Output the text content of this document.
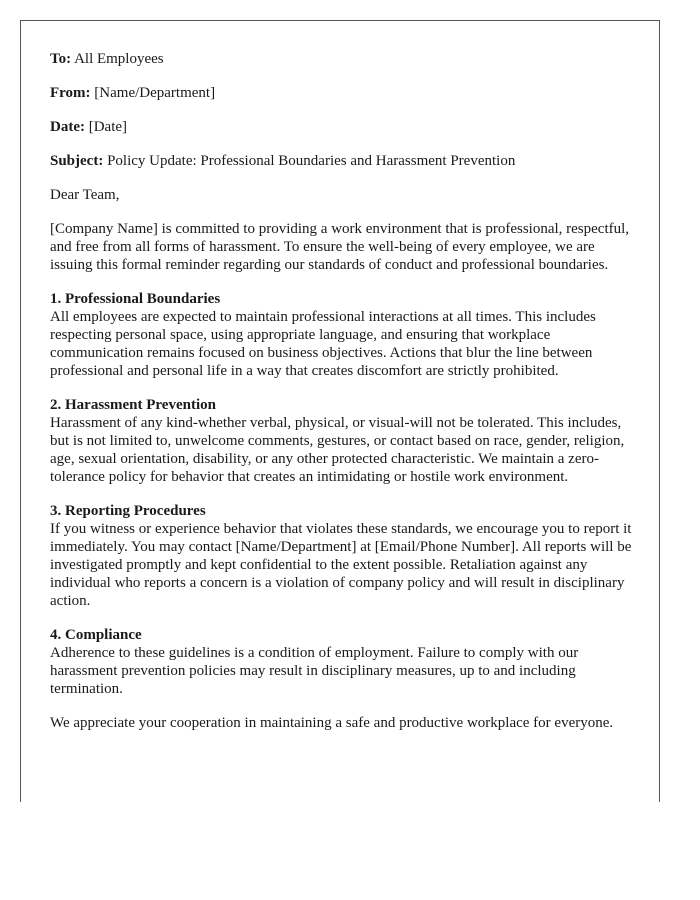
To: All Employees

From: [Name/Department]

Date: [Date]

Subject: Policy Update: Professional Boundaries and Harassment Prevention

Dear Team,

[Company Name] is committed to providing a work environment that is professional, respectful, and free from all forms of harassment. To ensure the well-being of every employee, we are issuing this formal reminder regarding our standards of conduct and professional boundaries.

1. Professional Boundaries
All employees are expected to maintain professional interactions at all times. This includes respecting personal space, using appropriate language, and ensuring that workplace communication remains focused on business objectives. Actions that blur the line between professional and personal life in a way that creates discomfort are strictly prohibited.
2. Harassment Prevention
Harassment of any kind-whether verbal, physical, or visual-will not be tolerated. This includes, but is not limited to, unwelcome comments, gestures, or contact based on race, gender, religion, age, sexual orientation, disability, or any other protected characteristic. We maintain a zero-tolerance policy for behavior that creates an intimidating or hostile work environment.
3. Reporting Procedures
If you witness or experience behavior that violates these standards, we encourage you to report it immediately. You may contact [Name/Department] at [Email/Phone Number]. All reports will be investigated promptly and kept confidential to the extent possible. Retaliation against any individual who reports a concern is a violation of company policy and will result in disciplinary action.
4. Compliance
Adherence to these guidelines is a condition of employment. Failure to comply with our harassment prevention policies may result in disciplinary measures, up to and including termination.

We appreciate your cooperation in maintaining a safe and productive workplace for everyone.
